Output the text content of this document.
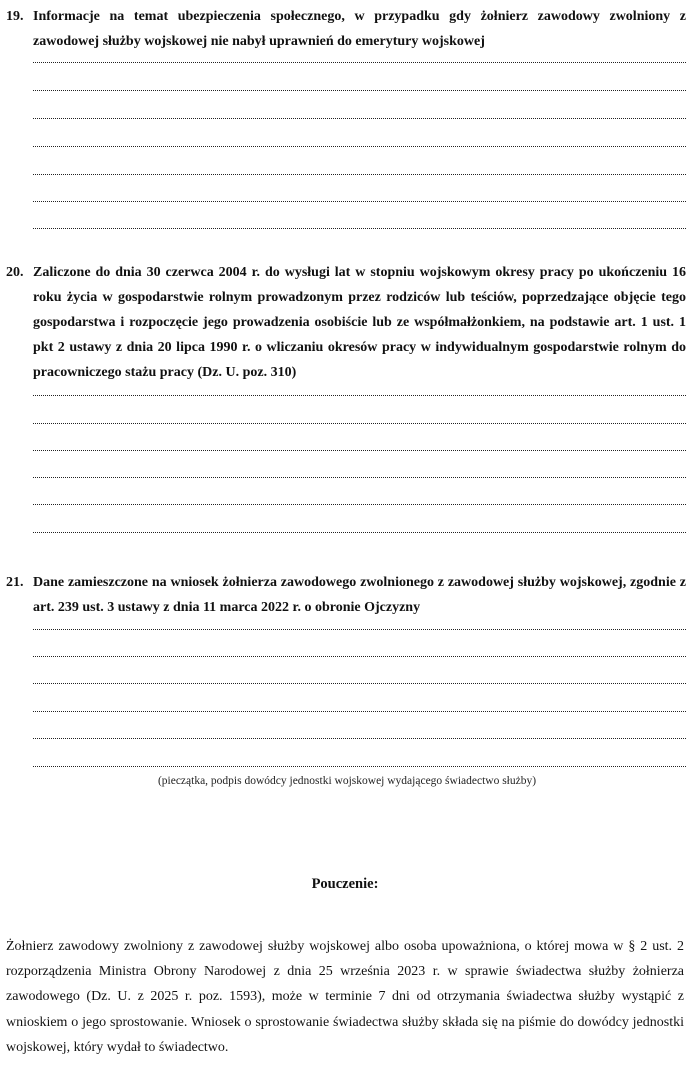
19. Informacje na temat ubezpieczenia społecznego, w przypadku gdy żołnierz zawodowy zwolniony z zawodowej służby wojskowej nie nabył uprawnień do emerytury wojskowej
20. Zaliczone do dnia 30 czerwca 2004 r. do wysługi lat w stopniu wojskowym okresy pracy po ukończeniu 16 roku życia w gospodarstwie rolnym prowadzonym przez rodziców lub teściów, poprzedzające objęcie tego gospodarstwa i rozpoczęcie jego prowadzenia osobiście lub ze współmałżonkiem, na podstawie art. 1 ust. 1 pkt 2 ustawy z dnia 20 lipca 1990 r. o wliczaniu okresów pracy w indywidualnym gospodarstwie rolnym do pracowniczego stażu pracy (Dz. U. poz. 310)
21. Dane zamieszczone na wniosek żołnierza zawodowego zwolnionego z zawodowej służby wojskowej, zgodnie z art. 239 ust. 3 ustawy z dnia 11 marca 2022 r. o obronie Ojczyzny
(pieczątka, podpis dowódcy jednostki wojskowej wydającego świadectwo służby)
Pouczenie:
Żołnierz zawodowy zwolniony z zawodowej służby wojskowej albo osoba upoważniona, o której mowa w § 2 ust. 2 rozporządzenia Ministra Obrony Narodowej z dnia 25 września 2023 r. w sprawie świadectwa służby żołnierza zawodowego (Dz. U. z 2025 r. poz. 1593), może w terminie 7 dni od otrzymania świadectwa służby wystąpić z wnioskiem o jego sprostowanie. Wniosek o sprostowanie świadectwa służby składa się na piśmie do dowódcy jednostki wojskowej, który wydał to świadectwo.
